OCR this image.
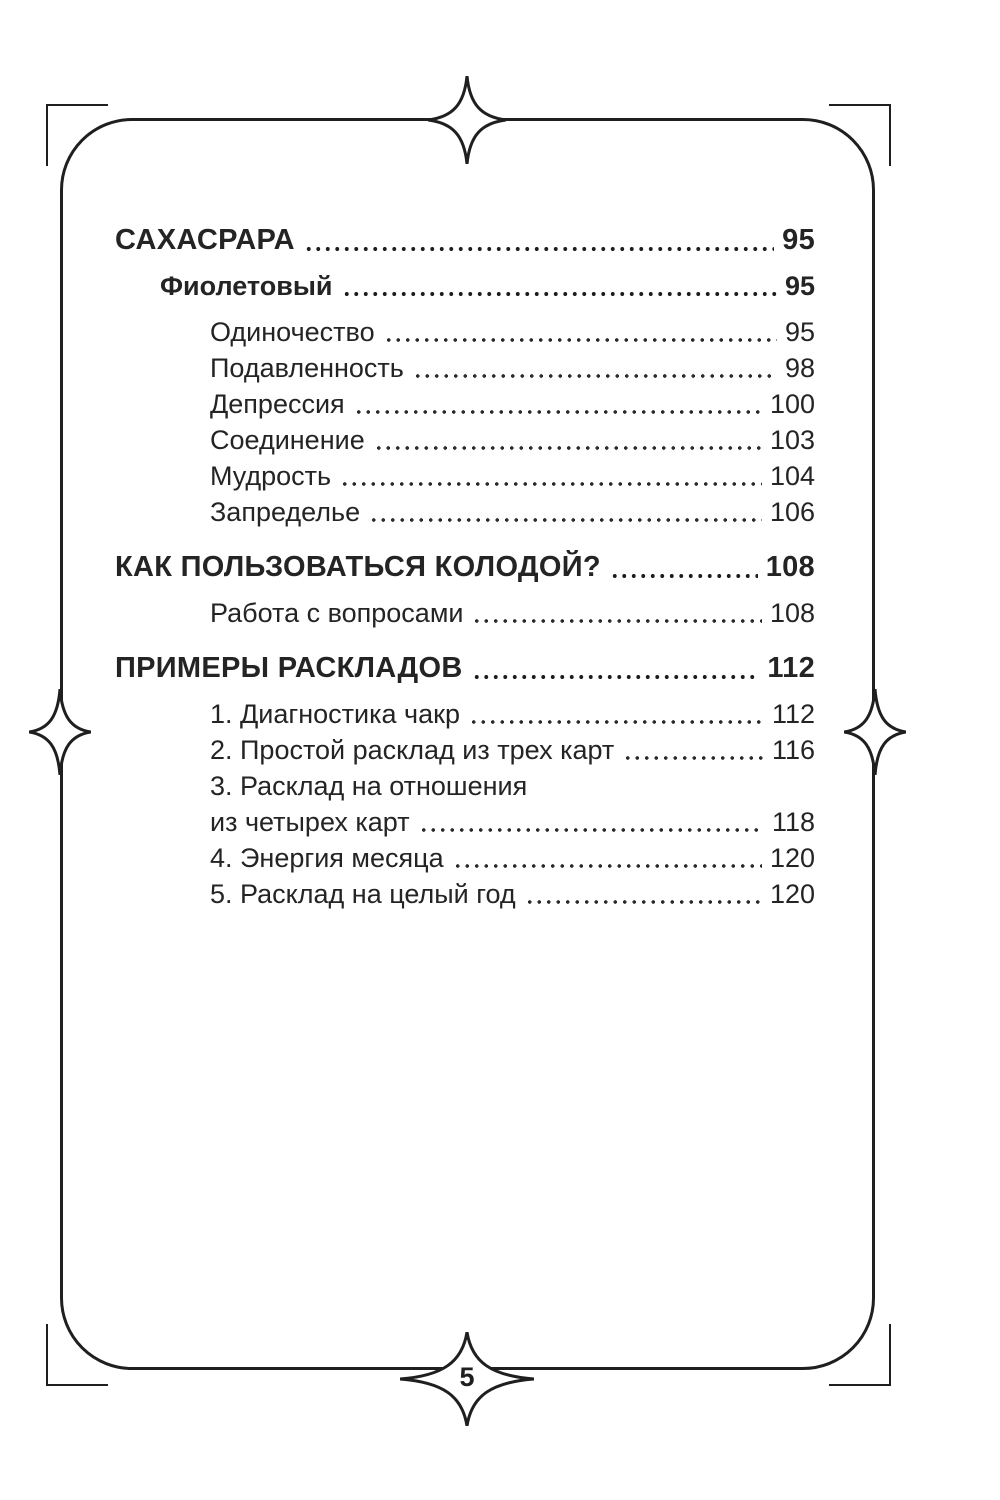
5
САХАСРАРА	95
Фиолетовый	95
Одиночество	95
Подавленность	98
Депрессия	100
Соединение	103
Мудрость	104
Запределье	106
КАК ПОЛЬЗОВАТЬСЯ КОЛОДОЙ?	108
Работа с вопросами	108
ПРИМЕРЫ РАСКЛАДОВ	112
1. Диагностика чакр	112
2. Простой расклад из трех карт	116
3. Расклад на отношения
из четырех карт	118
4. Энергия месяца	120
5. Расклад на целый год	120
